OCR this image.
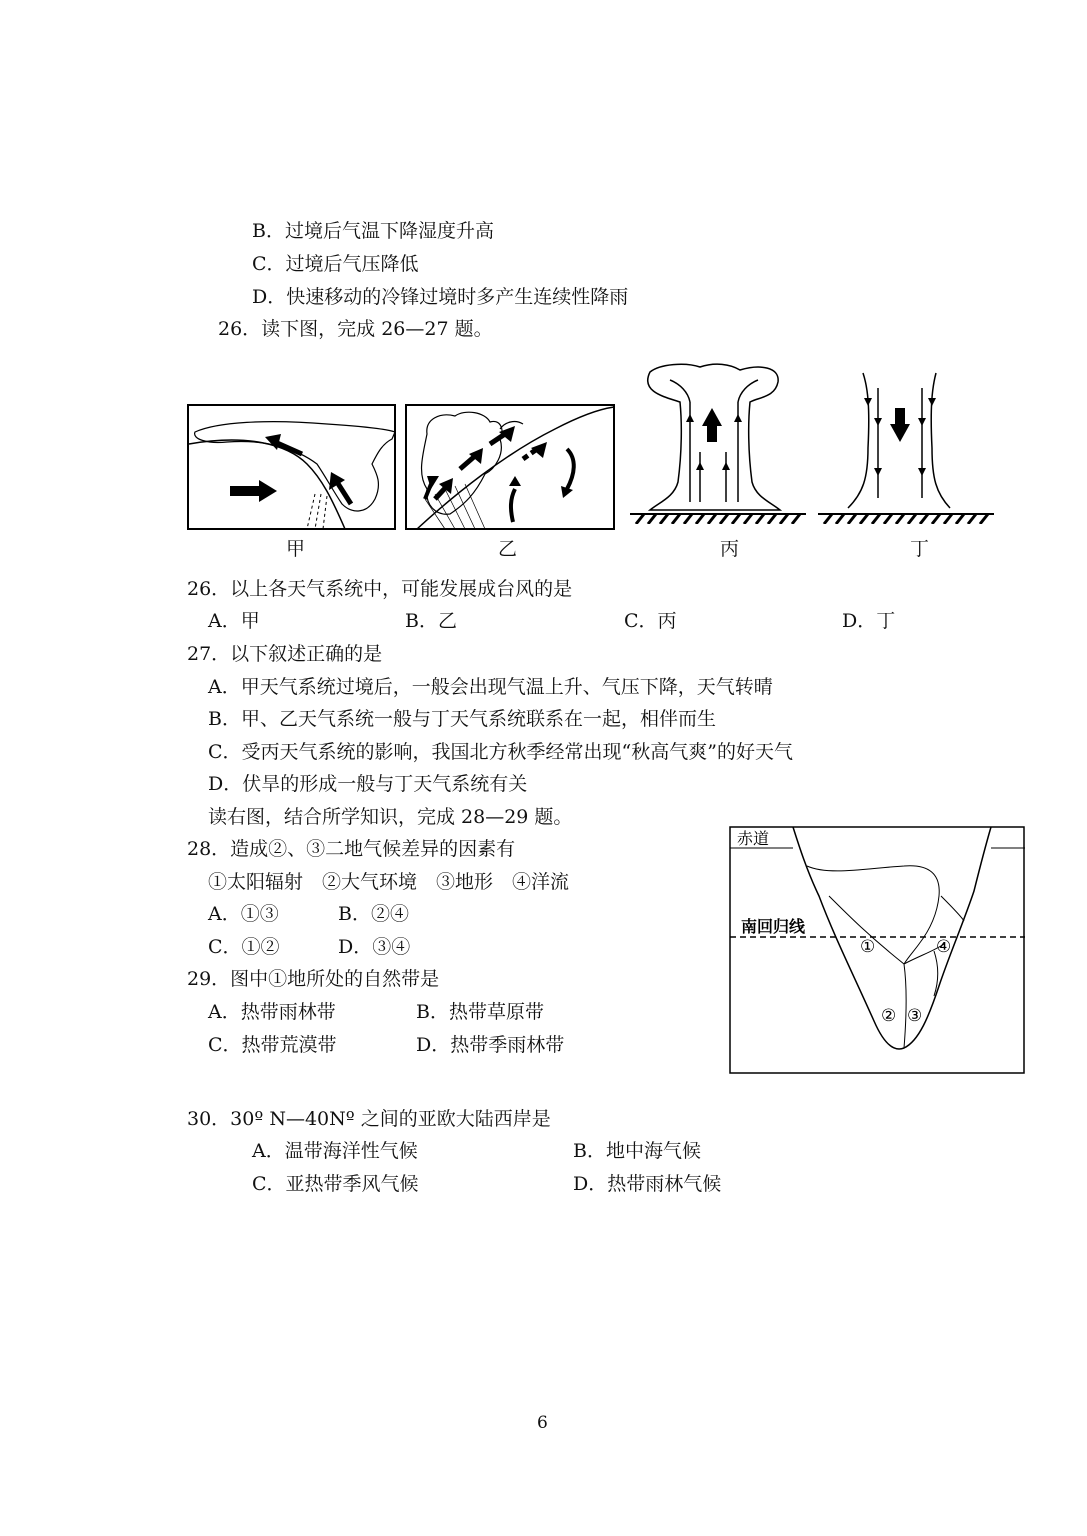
B．过境后气温下降湿度升高
C．过境后气压降低
D．快速移动的冷锋过境时多产生连续性降雨
26．读下图，完成 26—27 题。
甲	乙	丙	丁
26．以上各天气系统中，可能发展成台风的是
A．甲	B．乙	C．丙	D．丁
27．以下叙述正确的是
A．甲天气系统过境后，一般会出现气温上升、气压下降，天气转晴
B．甲、乙天气系统一般与丁天气系统联系在一起，相伴而生
C．受丙天气系统的影响，我国北方秋季经常出现“秋高气爽”的好天气
D．伏旱的形成一般与丁天气系统有关
读右图，结合所学知识，完成 28—29 题。
28．造成②、③二地气候差异的因素有
①太阳辐射　②大气环境　③地形　④洋流
A．①③	B．②④
C．①②	D．③④
29．图中①地所处的自然带是
A．热带雨林带	B．热带草原带
C．热带荒漠带	D．热带季雨林带
赤道
南回归线
①
② ③
④
30．30º N—40Nº 之间的亚欧大陆西岸是
A．温带海洋性气候	B．地中海气候
C．亚热带季风气候	D．热带雨林气候
6
